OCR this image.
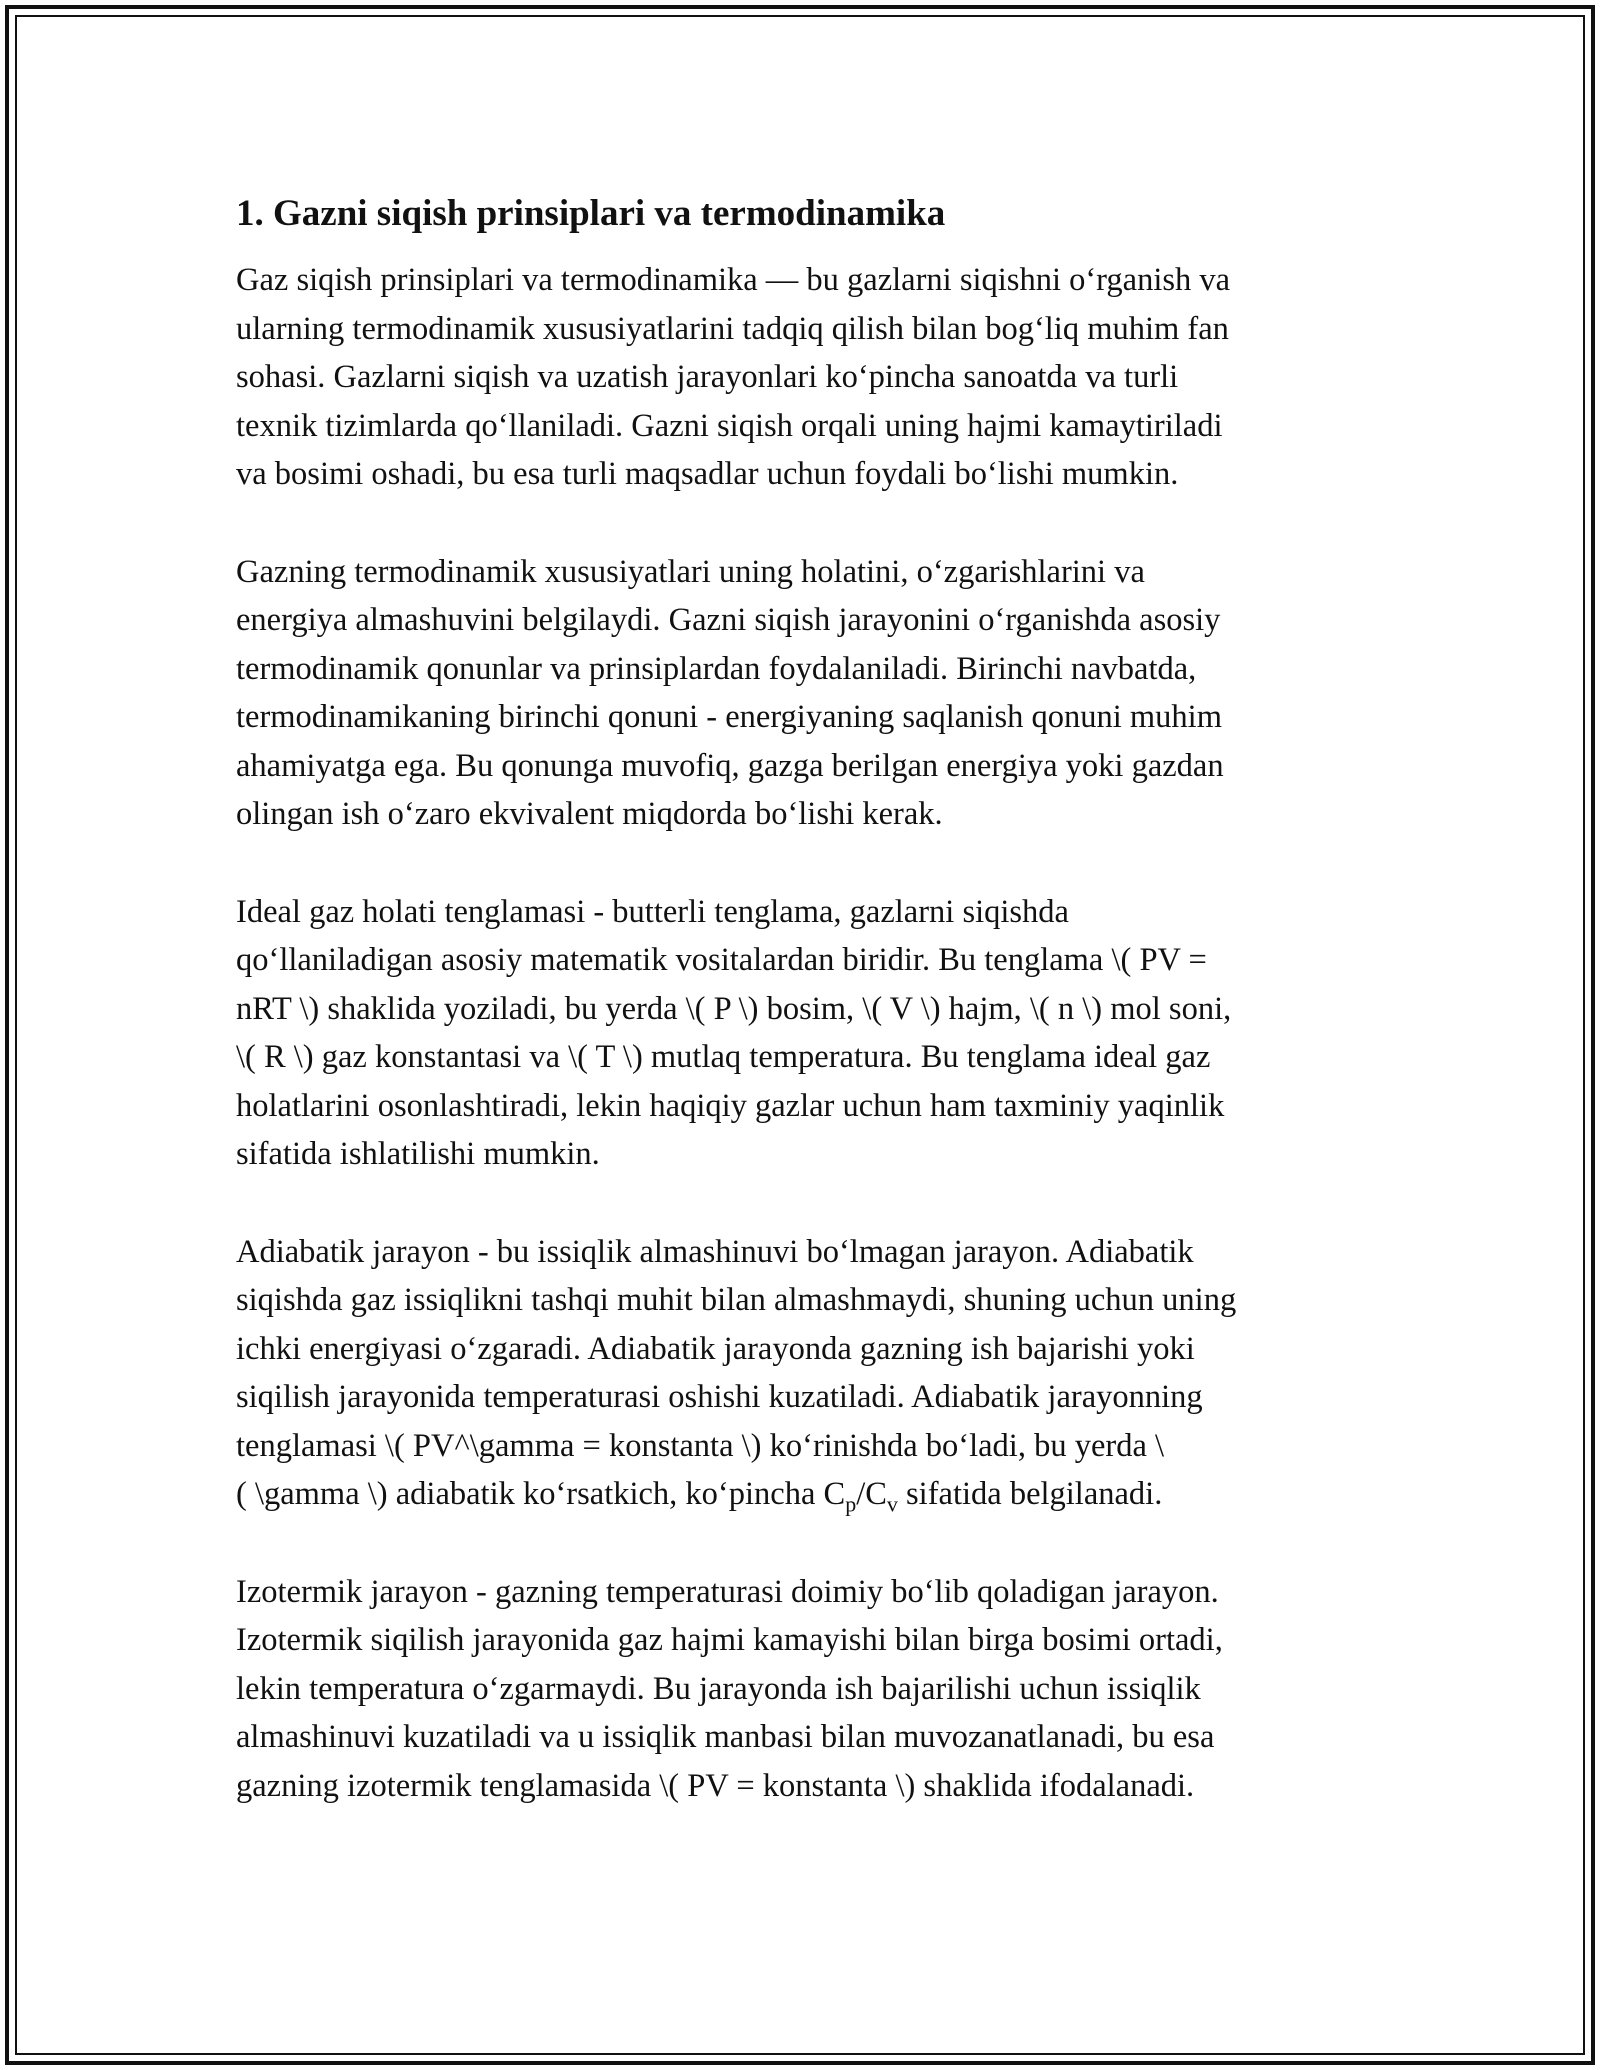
1. Gazni siqish prinsiplari va termodinamika

Gaz siqish prinsiplari va termodinamika — bu gazlarni siqishni o‘rganish va
ularning termodinamik xususiyatlarini tadqiq qilish bilan bog‘liq muhim fan
sohasi. Gazlarni siqish va uzatish jarayonlari ko‘pincha sanoatda va turli
texnik tizimlarda qo‘llaniladi. Gazni siqish orqali uning hajmi kamaytiriladi
va bosimi oshadi, bu esa turli maqsadlar uchun foydali bo‘lishi mumkin.

Gazning termodinamik xususiyatlari uning holatini, o‘zgarishlarini va
energiya almashuvini belgilaydi. Gazni siqish jarayonini o‘rganishda asosiy
termodinamik qonunlar va prinsiplardan foydalaniladi. Birinchi navbatda,
termodinamikaning birinchi qonuni - energiyaning saqlanish qonuni muhim
ahamiyatga ega. Bu qonunga muvofiq, gazga berilgan energiya yoki gazdan
olingan ish o‘zaro ekvivalent miqdorda bo‘lishi kerak.

Ideal gaz holati tenglamasi - butterli tenglama, gazlarni siqishda
qo‘llaniladigan asosiy matematik vositalardan biridir. Bu tenglama \( PV =
nRT \) shaklida yoziladi, bu yerda \( P \) bosim, \( V \) hajm, \( n \) mol soni,
\( R \) gaz konstantasi va \( T \) mutlaq temperatura. Bu tenglama ideal gaz
holatlarini osonlashtiradi, lekin haqiqiy gazlar uchun ham taxminiy yaqinlik
sifatida ishlatilishi mumkin.

Adiabatik jarayon - bu issiqlik almashinuvi bo‘lmagan jarayon. Adiabatik
siqishda gaz issiqlikni tashqi muhit bilan almashmaydi, shuning uchun uning
ichki energiyasi o‘zgaradi. Adiabatik jarayonda gazning ish bajarishi yoki
siqilish jarayonida temperaturasi oshishi kuzatiladi. Adiabatik jarayonning
tenglamasi \( PV^\gamma = konstanta \) ko‘rinishda bo‘ladi, bu yerda \
( \gamma \) adiabatik ko‘rsatkich, ko‘pincha $C_p/C_v$ sifatida belgilanadi.

Izotermik jarayon - gazning temperaturasi doimiy bo‘lib qoladigan jarayon.
Izotermik siqilish jarayonida gaz hajmi kamayishi bilan birga bosimi ortadi,
lekin temperatura o‘zgarmaydi. Bu jarayonda ish bajarilishi uchun issiqlik
almashinuvi kuzatiladi va u issiqlik manbasi bilan muvozanatlanadi, bu esa
gazning izotermik tenglamasida \( PV = konstanta \) shaklida ifodalanadi.
